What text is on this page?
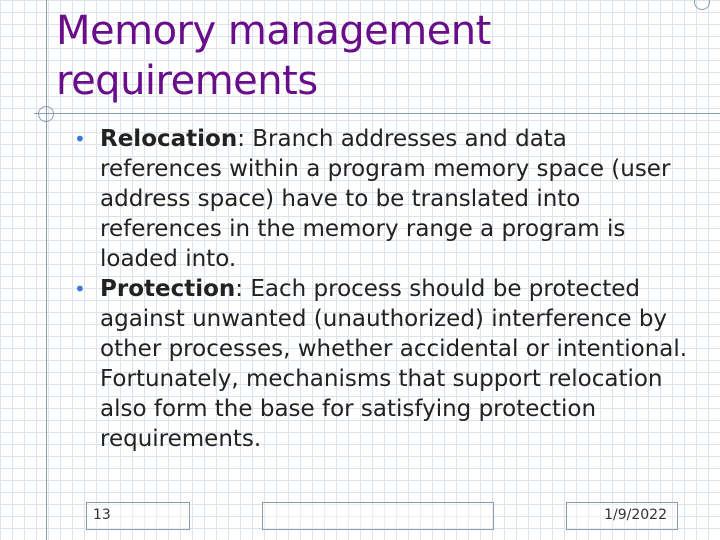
Memory management
requirements

• Relocation: Branch addresses and data references within a program memory space (user address space) have to be translated into references in the memory range a program is loaded into.

• Protection: Each process should be protected against unwanted (unauthorized) interference by other processes, whether accidental or intentional. Fortunately, mechanisms that support relocation also form the base for satisfying protection requirements.

13	1/9/2022
